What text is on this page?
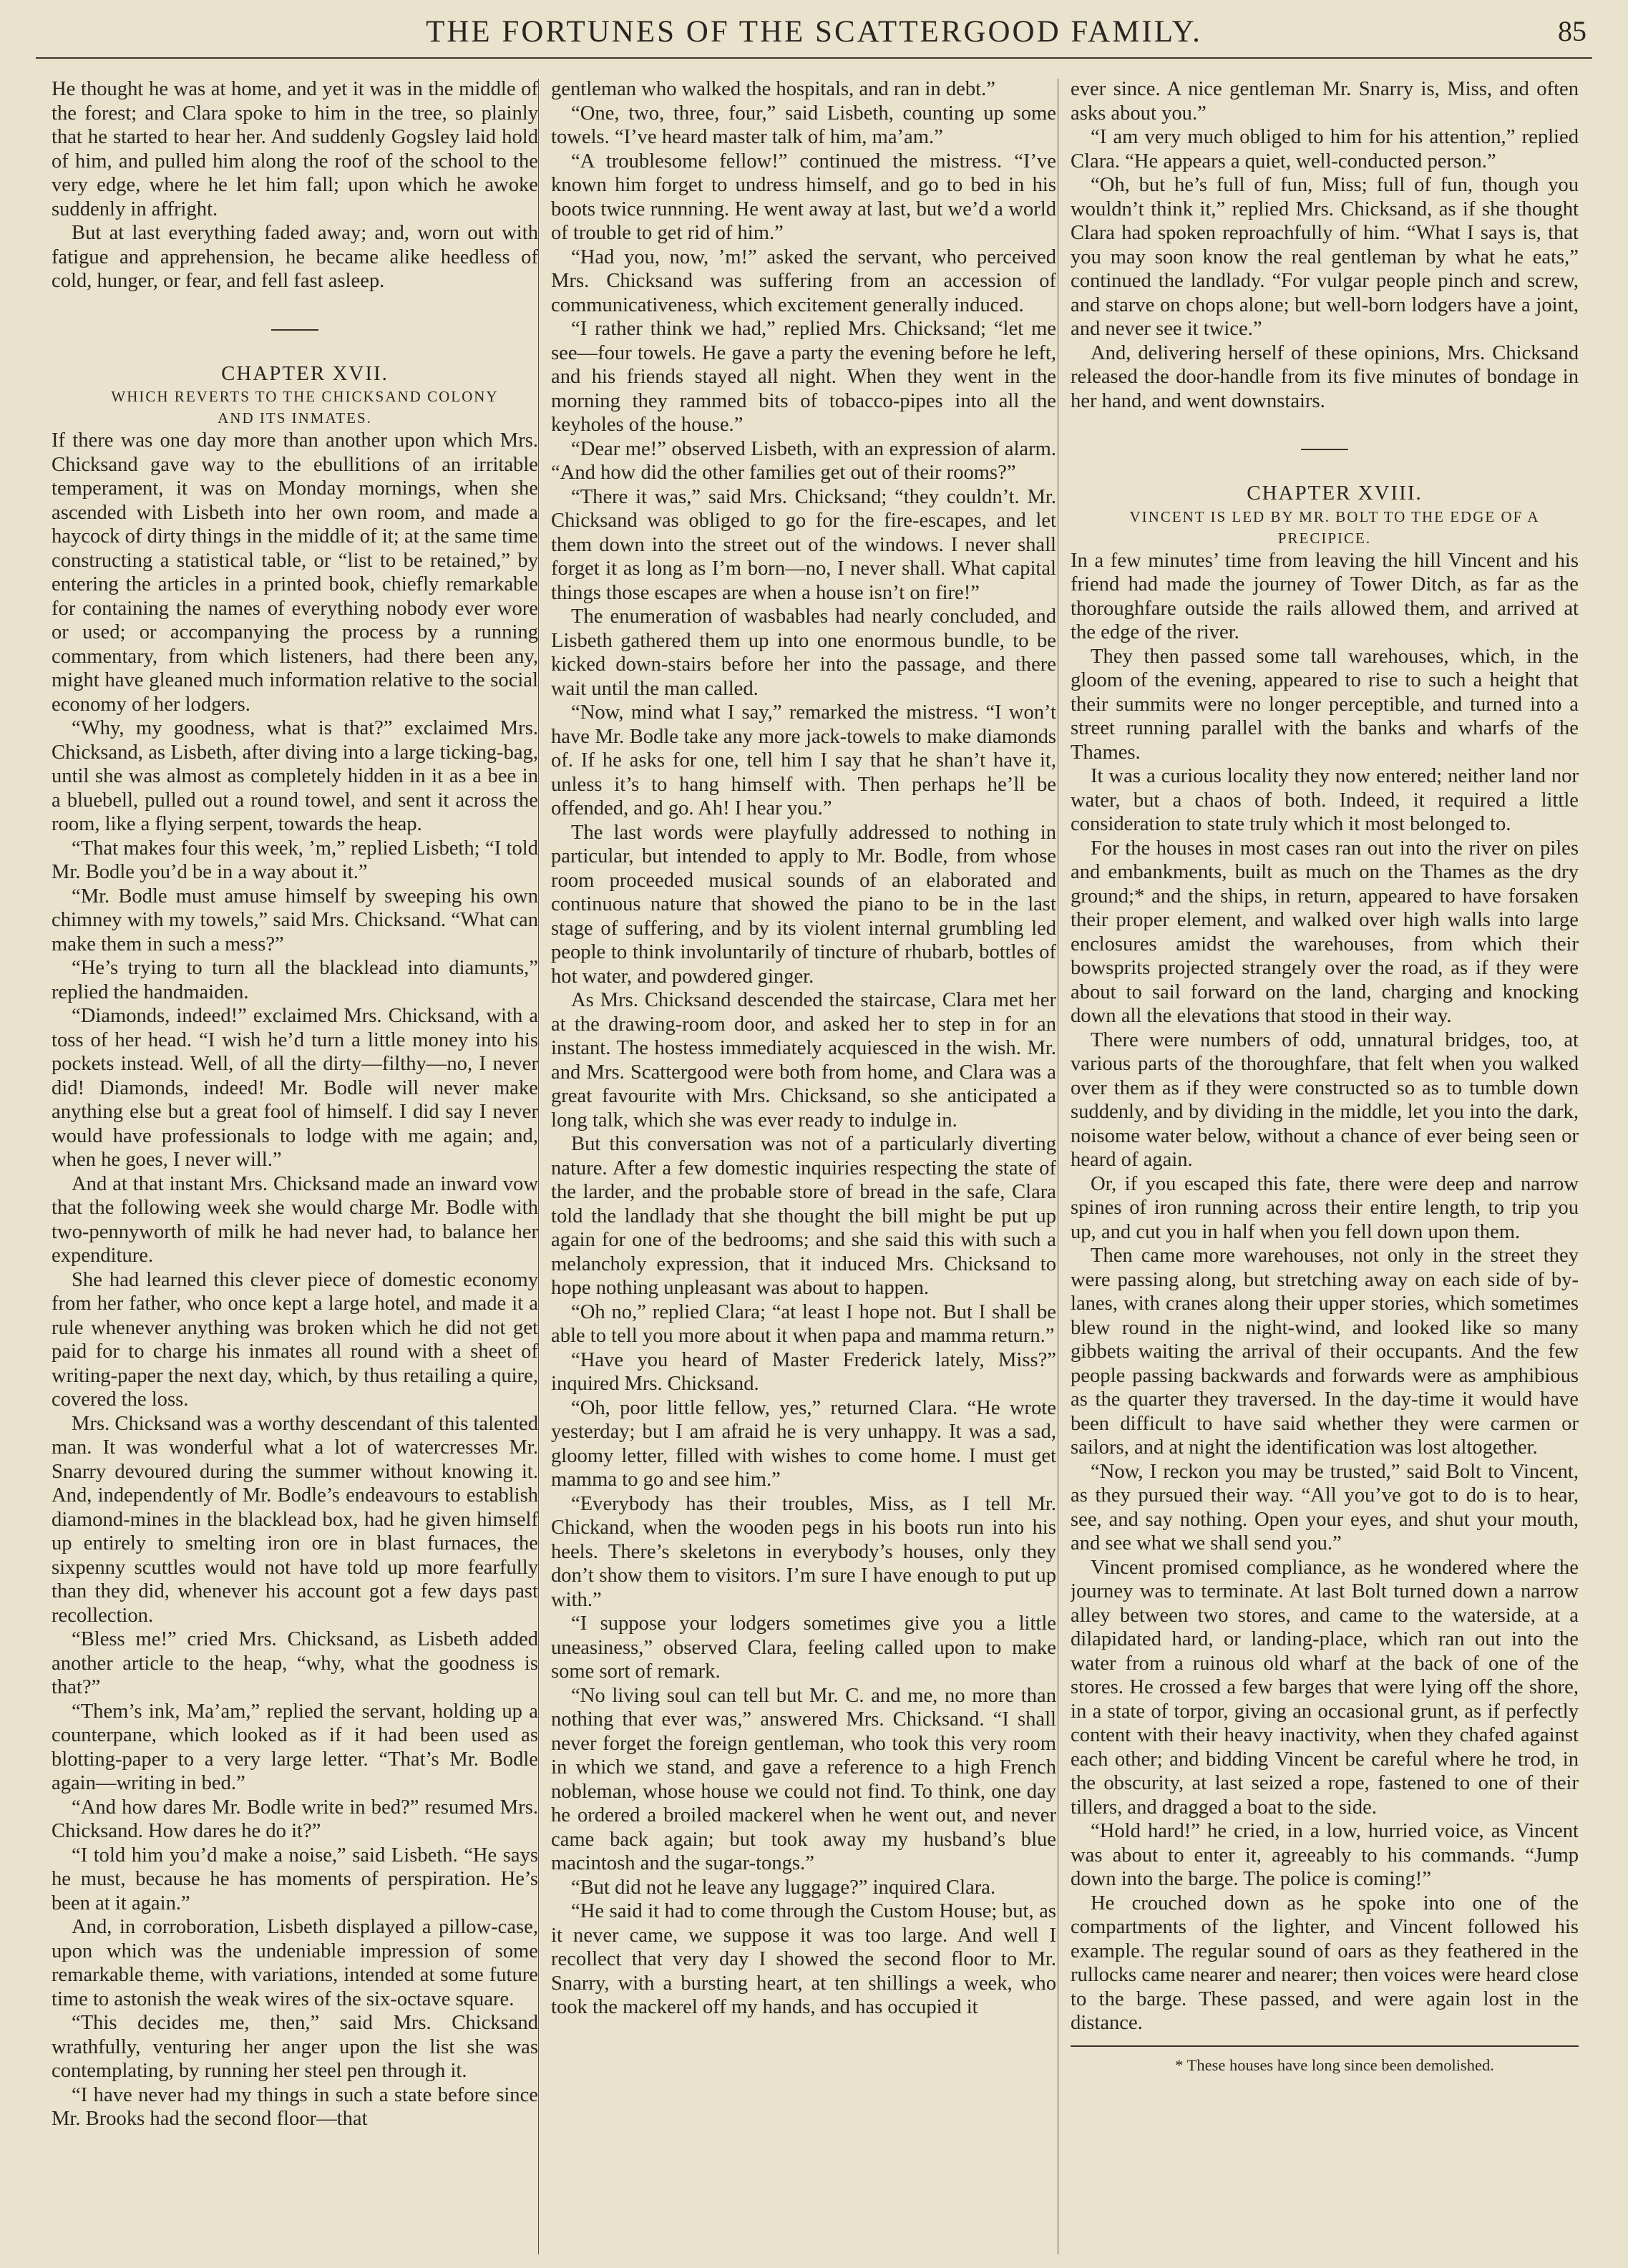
THE FORTUNES OF THE SCATTERGOOD FAMILY.	85

He thought he was at home, and yet it was in the middle of the forest; and Clara spoke to him in the tree, so plainly that he started to hear her. And suddenly Gogsley laid hold of him, and pulled him along the roof of the school to the very edge, where he let him fall; upon which he awoke suddenly in affright.

But at last everything faded away; and, worn out with fatigue and apprehension, he became alike heedless of cold, hunger, or fear, and fell fast asleep.

CHAPTER XVII.

WHICH REVERTS TO THE CHICKSAND COLONY AND ITS INMATES.

If there was one day more than another upon which Mrs. Chicksand gave way to the ebullitions of an irritable temperament, it was on Monday mornings, when she ascended with Lisbeth into her own room, and made a haycock of dirty things in the middle of it; at the same time constructing a statistical table, or “list to be retained,” by entering the articles in a printed book, chiefly remarkable for containing the names of everything nobody ever wore or used; or accompanying the process by a running commentary, from which listeners, had there been any, might have gleaned much information relative to the social economy of her lodgers.

“Why, my goodness, what is that?” exclaimed Mrs. Chicksand, as Lisbeth, after diving into a large ticking-bag, until she was almost as completely hidden in it as a bee in a bluebell, pulled out a round towel, and sent it across the room, like a flying serpent, towards the heap.

“That makes four this week, ’m,” replied Lisbeth; “I told Mr. Bodle you’d be in a way about it.”

“Mr. Bodle must amuse himself by sweeping his own chimney with my towels,” said Mrs. Chicksand. “What can make them in such a mess?”

“He’s trying to turn all the blacklead into diamunts,” replied the handmaiden.

“Diamonds, indeed!” exclaimed Mrs. Chicksand, with a toss of her head. “I wish he’d turn a little money into his pockets instead. Well, of all the dirty—filthy—no, I never did! Diamonds, indeed! Mr. Bodle will never make anything else but a great fool of himself. I did say I never would have professionals to lodge with me again; and, when he goes, I never will.”

And at that instant Mrs. Chicksand made an inward vow that the following week she would charge Mr. Bodle with two-pennyworth of milk he had never had, to balance her expenditure.

She had learned this clever piece of domestic economy from her father, who once kept a large hotel, and made it a rule whenever anything was broken which he did not get paid for to charge his inmates all round with a sheet of writing-paper the next day, which, by thus retailing a quire, covered the loss.

Mrs. Chicksand was a worthy descendant of this talented man. It was wonderful what a lot of watercresses Mr. Snarry devoured during the summer without knowing it. And, independently of Mr. Bodle’s endeavours to establish diamond-mines in the blacklead box, had he given himself up entirely to smelting iron ore in blast furnaces, the sixpenny scuttles would not have told up more fearfully than they did, whenever his account got a few days past recollection.

“Bless me!” cried Mrs. Chicksand, as Lisbeth added another article to the heap, “why, what the goodness is that?”

“Them’s ink, Ma’am,” replied the servant, holding up a counterpane, which looked as if it had been used as blotting-paper to a very large letter. “That’s Mr. Bodle again—writing in bed.”

“And how dares Mr. Bodle write in bed?” resumed Mrs. Chicksand. How dares he do it?”

“I told him you’d make a noise,” said Lisbeth. “He says he must, because he has moments of perspiration. He’s been at it again.”

And, in corroboration, Lisbeth displayed a pillow-case, upon which was the undeniable impression of some remarkable theme, with variations, intended at some future time to astonish the weak wires of the six-octave square.

“This decides me, then,” said Mrs. Chicksand wrathfully, venturing her anger upon the list she was contemplating, by running her steel pen through it.

“I have never had my things in such a state before since Mr. Brooks had the second floor—that

gentleman who walked the hospitals, and ran in debt.”

“One, two, three, four,” said Lisbeth, counting up some towels. “I’ve heard master talk of him, ma’am.”

“A troublesome fellow!” continued the mistress. “I’ve known him forget to undress himself, and go to bed in his boots twice runnning. He went away at last, but we’d a world of trouble to get rid of him.”

“Had you, now, ’m!” asked the servant, who perceived Mrs. Chicksand was suffering from an accession of communicativeness, which excitement generally induced.

“I rather think we had,” replied Mrs. Chicksand; “let me see—four towels. He gave a party the evening before he left, and his friends stayed all night. When they went in the morning they rammed bits of tobacco-pipes into all the keyholes of the house.”

“Dear me!” observed Lisbeth, with an expression of alarm. “And how did the other families get out of their rooms?”

“There it was,” said Mrs. Chicksand; “they couldn’t. Mr. Chicksand was obliged to go for the fire-escapes, and let them down into the street out of the windows. I never shall forget it as long as I’m born—no, I never shall. What capital things those escapes are when a house isn’t on fire!”

The enumeration of wasbables had nearly concluded, and Lisbeth gathered them up into one enormous bundle, to be kicked down-stairs before her into the passage, and there wait until the man called.

“Now, mind what I say,” remarked the mistress. “I won’t have Mr. Bodle take any more jack-towels to make diamonds of. If he asks for one, tell him I say that he shan’t have it, unless it’s to hang himself with. Then perhaps he’ll be offended, and go. Ah! I hear you.”

The last words were playfully addressed to nothing in particular, but intended to apply to Mr. Bodle, from whose room proceeded musical sounds of an elaborated and continuous nature that showed the piano to be in the last stage of suffering, and by its violent internal grumbling led people to think involuntarily of tincture of rhubarb, bottles of hot water, and powdered ginger.

As Mrs. Chicksand descended the staircase, Clara met her at the drawing-room door, and asked her to step in for an instant. The hostess immediately acquiesced in the wish. Mr. and Mrs. Scattergood were both from home, and Clara was a great favourite with Mrs. Chicksand, so she anticipated a long talk, which she was ever ready to indulge in.

But this conversation was not of a particularly diverting nature. After a few domestic inquiries respecting the state of the larder, and the probable store of bread in the safe, Clara told the landlady that she thought the bill might be put up again for one of the bedrooms; and she said this with such a melancholy expression, that it induced Mrs. Chicksand to hope nothing unpleasant was about to happen.

“Oh no,” replied Clara; “at least I hope not. But I shall be able to tell you more about it when papa and mamma return.”

“Have you heard of Master Frederick lately, Miss?” inquired Mrs. Chicksand.

“Oh, poor little fellow, yes,” returned Clara. “He wrote yesterday; but I am afraid he is very unhappy. It was a sad, gloomy letter, filled with wishes to come home. I must get mamma to go and see him.”

“Everybody has their troubles, Miss, as I tell Mr. Chickand, when the wooden pegs in his boots run into his heels. There’s skeletons in everybody’s houses, only they don’t show them to visitors. I’m sure I have enough to put up with.”

“I suppose your lodgers sometimes give you a little uneasiness,” observed Clara, feeling called upon to make some sort of remark.

“No living soul can tell but Mr. C. and me, no more than nothing that ever was,” answered Mrs. Chicksand. “I shall never forget the foreign gentleman, who took this very room in which we stand, and gave a reference to a high French nobleman, whose house we could not find. To think, one day he ordered a broiled mackerel when he went out, and never came back again; but took away my husband’s blue macintosh and the sugar-tongs.”

“But did not he leave any luggage?” inquired Clara.

“He said it had to come through the Custom House; but, as it never came, we suppose it was too large. And well I recollect that very day I showed the second floor to Mr. Snarry, with a bursting heart, at ten shillings a week, who took the mackerel off my hands, and has occupied it

ever since. A nice gentleman Mr. Snarry is, Miss, and often asks about you.”

“I am very much obliged to him for his attention,” replied Clara. “He appears a quiet, well-conducted person.”

“Oh, but he’s full of fun, Miss; full of fun, though you wouldn’t think it,” replied Mrs. Chicksand, as if she thought Clara had spoken reproachfully of him. “What I says is, that you may soon know the real gentleman by what he eats,” continued the landlady. “For vulgar people pinch and screw, and starve on chops alone; but well-born lodgers have a joint, and never see it twice.”

And, delivering herself of these opinions, Mrs. Chicksand released the door-handle from its five minutes of bondage in her hand, and went downstairs.

CHAPTER XVIII.

VINCENT IS LED BY MR. BOLT TO THE EDGE OF A PRECIPICE.

In a few minutes’ time from leaving the hill Vincent and his friend had made the journey of Tower Ditch, as far as the thoroughfare outside the rails allowed them, and arrived at the edge of the river.

They then passed some tall warehouses, which, in the gloom of the evening, appeared to rise to such a height that their summits were no longer perceptible, and turned into a street running parallel with the banks and wharfs of the Thames.

It was a curious locality they now entered; neither land nor water, but a chaos of both. Indeed, it required a little consideration to state truly which it most belonged to.

For the houses in most cases ran out into the river on piles and embankments, built as much on the Thames as the dry ground;* and the ships, in return, appeared to have forsaken their proper element, and walked over high walls into large enclosures amidst the warehouses, from which their bowsprits projected strangely over the road, as if they were about to sail forward on the land, charging and knocking down all the elevations that stood in their way.

There were numbers of odd, unnatural bridges, too, at various parts of the thoroughfare, that felt when you walked over them as if they were constructed so as to tumble down suddenly, and by dividing in the middle, let you into the dark, noisome water below, without a chance of ever being seen or heard of again.

Or, if you escaped this fate, there were deep and narrow spines of iron running across their entire length, to trip you up, and cut you in half when you fell down upon them.

Then came more warehouses, not only in the street they were passing along, but stretching away on each side of by-lanes, with cranes along their upper stories, which sometimes blew round in the night-wind, and looked like so many gibbets waiting the arrival of their occupants. And the few people passing backwards and forwards were as amphibious as the quarter they traversed. In the day-time it would have been difficult to have said whether they were carmen or sailors, and at night the identification was lost altogether.

“Now, I reckon you may be trusted,” said Bolt to Vincent, as they pursued their way. “All you’ve got to do is to hear, see, and say nothing. Open your eyes, and shut your mouth, and see what we shall send you.”

Vincent promised compliance, as he wondered where the journey was to terminate. At last Bolt turned down a narrow alley between two stores, and came to the waterside, at a dilapidated hard, or landing-place, which ran out into the water from a ruinous old wharf at the back of one of the stores. He crossed a few barges that were lying off the shore, in a state of torpor, giving an occasional grunt, as if perfectly content with their heavy inactivity, when they chafed against each other; and bidding Vincent be careful where he trod, in the obscurity, at last seized a rope, fastened to one of their tillers, and dragged a boat to the side.

“Hold hard!” he cried, in a low, hurried voice, as Vincent was about to enter it, agreeably to his commands. “Jump down into the barge. The police is coming!”

He crouched down as he spoke into one of the compartments of the lighter, and Vincent followed his example. The regular sound of oars as they feathered in the rullocks came nearer and nearer; then voices were heard close to the barge. These passed, and were again lost in the distance.

* These houses have long since been demolished.
